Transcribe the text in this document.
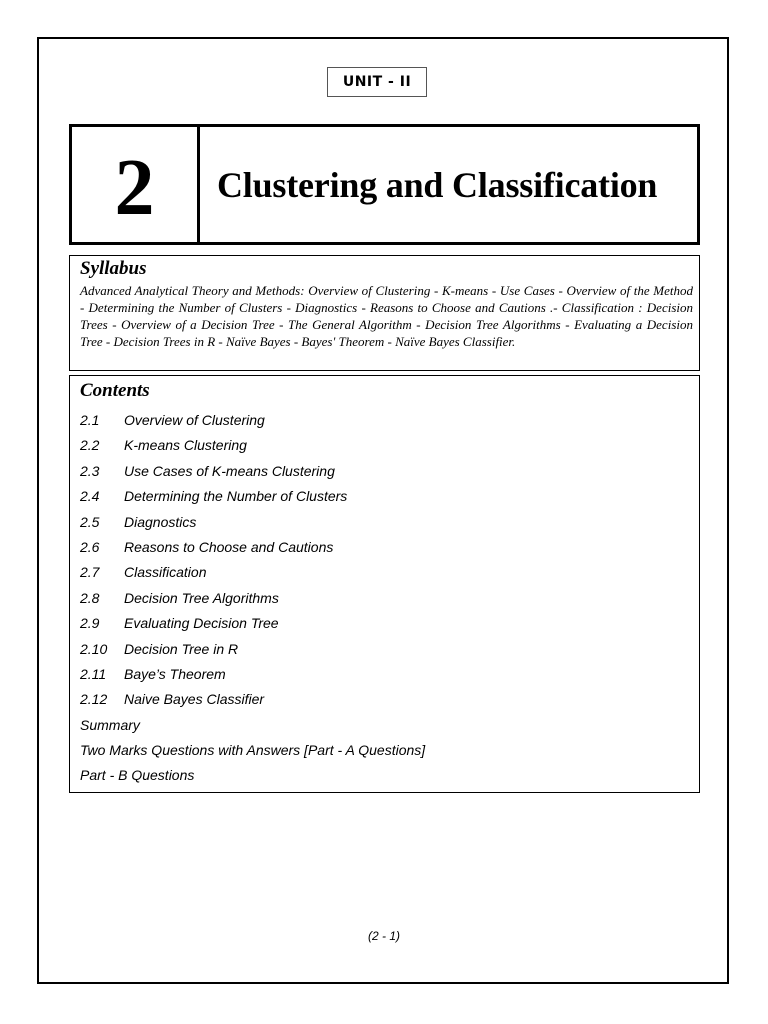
UNIT - II
2	Clustering and Classification
Syllabus
Advanced Analytical Theory and Methods: Overview of Clustering - K-means - Use Cases - Overview of the Method - Determining the Number of Clusters - Diagnostics - Reasons to Choose and Cautions .- Classification : Decision Trees - Overview of a Decision Tree - The General Algorithm - Decision Tree Algorithms - Evaluating a Decision Tree - Decision Trees in R - Naïve Bayes - Bayes' Theorem - Naïve Bayes Classifier.
Contents
2.1	Overview of Clustering
2.2	K-means Clustering
2.3	Use Cases of K-means Clustering
2.4	Determining the Number of Clusters
2.5	Diagnostics
2.6	Reasons to Choose and Cautions
2.7	Classification
2.8	Decision Tree Algorithms
2.9	Evaluating Decision Tree
2.10	Decision Tree in R
2.11	Baye’s Theorem
2.12	Naive Bayes Classifier
Summary
Two Marks Questions with Answers [Part - A Questions]
Part - B Questions
(2 - 1)
